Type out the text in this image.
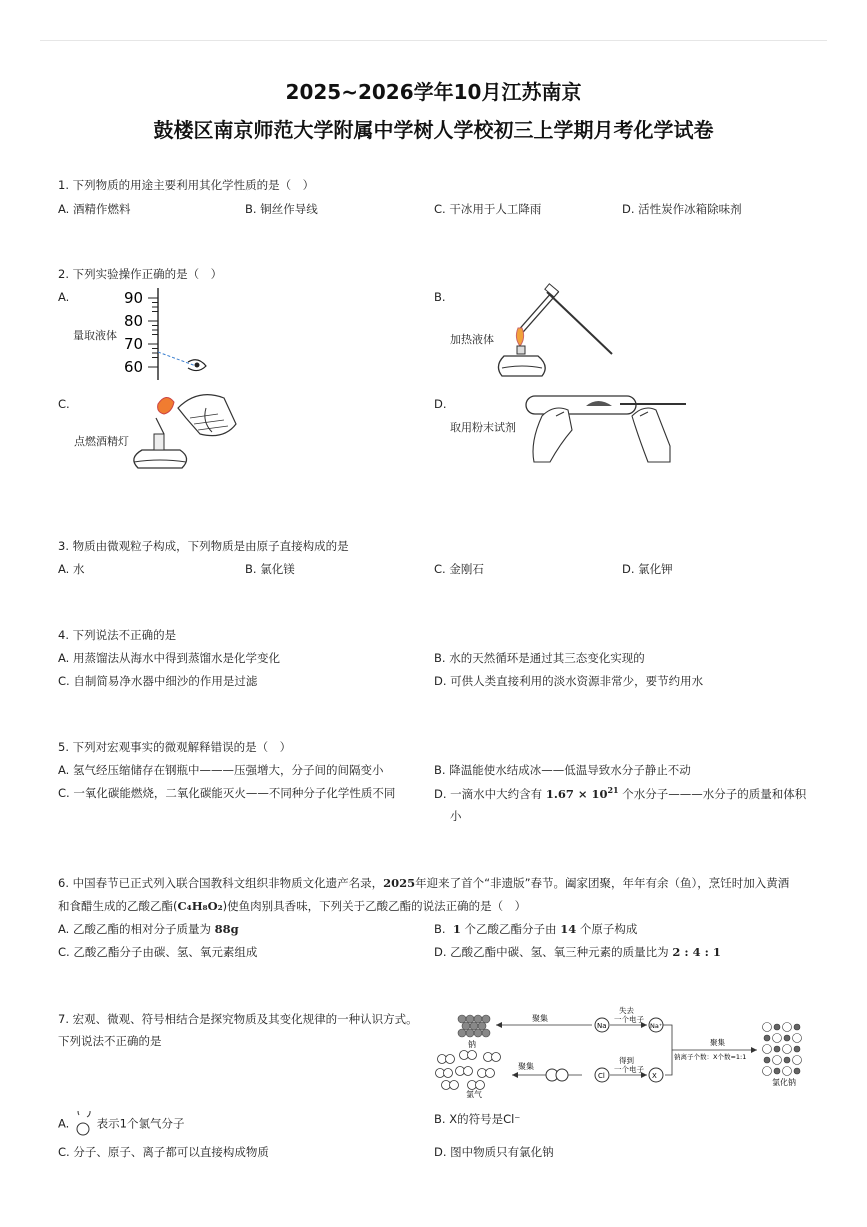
2025~2026学年10月江苏南京
鼓楼区南京师范大学附属中学树人学校初三上学期月考化学试卷
1. 下列物质的用途主要利用其化学性质的是（　）
A. 酒精作燃料	B. 铜丝作导线	C. 干冰用于人工降雨	D. 活性炭作冰箱除味剂
2. 下列实验操作正确的是（　）
A.
量取液体
90
80
70
60
B.
加热液体
C.
点燃酒精灯
D.
取用粉末试剂
3. 物质由微观粒子构成，下列物质是由原子直接构成的是
A. 水	B. 氯化镁	C. 金刚石	D. 氯化钾
4. 下列说法不正确的是
A. 用蒸馏法从海水中得到蒸馏水是化学变化	B. 水的天然循环是通过其三态变化实现的
C. 自制简易净水器中细沙的作用是过滤	D. 可供人类直接利用的淡水资源非常少，要节约用水
5. 下列对宏观事实的微观解释错误的是（　）
A. 氢气经压缩储存在钢瓶中———压强增大，分子间的间隔变小	B. 降温能使水结成冰——低温导致水分子静止不动
C. 一氧化碳能燃烧，二氧化碳能灭火——不同种分子化学性质不同	D. 一滴水中大约含有 $1.67 \times 10^{21}$ 个水分子———水分子的质量和体积
小
6. 中国春节已正式列入联合国教科文组织非物质文化遗产名录，2025年迎来了首个“非遗版”春节。阖家团聚，年年有余（鱼），烹饪时加入黄酒
和食醋生成的乙酸乙酯(C₄H₈O₂)使鱼肉别具香味，下列关于乙酸乙酯的说法正确的是（　）
A. 乙酸乙酯的相对分子质量为 88g	B. 1 个乙酸乙酯分子由 14 个原子构成
C. 乙酸乙酯分子由碳、氢、氧元素组成	D. 乙酸乙酯中碳、氢、氧三种元素的质量比为 2 : 4 : 1
7. 宏观、微观、符号相结合是探究物质及其变化规律的一种认识方式。
下列说法不正确的是	钠
聚集
Na
失去
一个电子
Na⁺
聚集
钠离子个数：X个数=1:1
氯气
聚集
Cl
得到
一个电子
X
氯化钠
A. 表示1个氯气分子	B. X的符号是Cl⁻
C. 分子、原子、离子都可以直接构成物质	D. 图中物质只有氯化钠
